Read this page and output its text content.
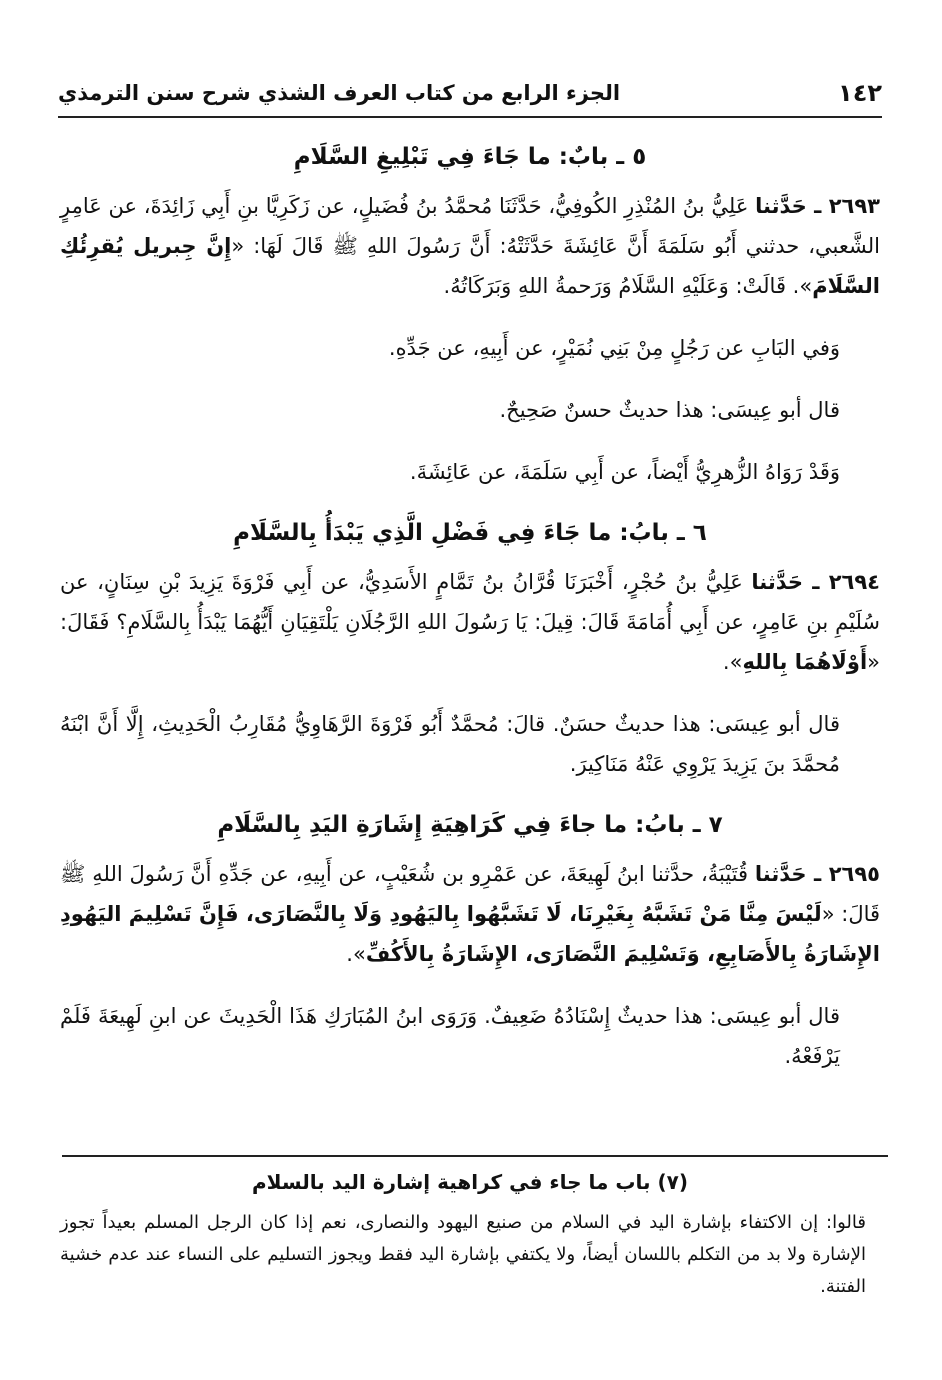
١٤٢
الجزء الرابع من كتاب العرف الشذي شرح سنن الترمذي
٥ ـ بابٌ: ما جَاءَ فِي تَبْلِيغِ السَّلَامِ

٢٦٩٣ ـ حَدَّثنا عَلِيُّ بنُ المُنْذِرِ الكُوفِيُّ، حَدَّثَنَا مُحمَّدُ بنُ فُضَيلٍ، عن زَكَرِيَّا بنِ أَبِي زَائِدَةَ، عن عَامِرٍ الشَّعبي، حدثني أَبُو سَلَمَةَ أَنَّ عَائِشَةَ حَدَّثَتْهُ: أَنَّ رَسُولَ اللهِ ﷺ قَالَ لَهَا: «إِنَّ جِبريل يُقرِئُكِ السَّلَامَ». قَالَتْ: وَعَلَيْهِ السَّلَامُ وَرَحمةُ اللهِ وَبَرَكَاتُهُ.

وَفي البَابِ عن رَجُلٍ مِنْ بَنِي نُمَيْرٍ، عن أَبِيهِ، عن جَدِّهِ.

قال أبو عِيسَى: هذا حديثٌ حسنٌ صَحِيحٌ.

وَقَدْ رَوَاهُ الزُّهرِيُّ أَيْضاً، عن أَبِي سَلَمَةَ، عن عَائِشَةَ.

٦ ـ بابُ: ما جَاءَ فِي فَضْلِ الَّذِي يَبْدَأُ بِالسَّلَامِ

٢٦٩٤ ـ حَدَّثنا عَلِيُّ بنُ حُجْرٍ، أَخْبَرَنَا قُرَّانُ بنُ تَمَّامٍ الأَسَدِيُّ، عن أَبِي فَرْوَةَ يَزِيدَ بْنِ سِنَانٍ، عن سُلَيْمِ بنِ عَامِرٍ، عن أَبِي أُمَامَةَ قَالَ: قِيلَ: يَا رَسُولَ اللهِ الرَّجُلَانِ يَلْتَقِيَانِ أَيُّهُمَا يَبْدَأُ بِالسَّلَامِ؟ فَقَالَ: «أَوْلَاهُمَا بِاللهِ».

قال أبو عِيسَى: هذا حديثٌ حسَنٌ. قالَ: مُحمَّدٌ أَبُو فَرْوَةَ الرَّهَاوِيُّ مُقَارِبُ الْحَدِيثِ، إِلَّا أَنَّ ابْنَهُ مُحمَّدَ بنَ يَزِيدَ يَرْوِي عَنْهُ مَنَاكِيرَ.

٧ ـ بابُ: ما جاءَ فِي كَرَاهِيَةِ إِشَارَةِ اليَدِ بِالسَّلَامِ

٢٦٩٥ ـ حَدَّثنا قُتَيْبَةُ، حدَّثنا ابنُ لَهِيعَةَ، عن عَمْرِو بن شُعَيْبٍ، عن أَبِيهِ، عن جَدِّهِ أَنَّ رَسُولَ اللهِ ﷺ قَالَ: «لَيْسَ مِنَّا مَنْ تَشَبَّهُ بِغَيْرِنَا، لَا تَشَبَّهُوا بِاليَهُودِ وَلَا بِالنَّصَارَى، فَإِنَّ تَسْلِيمَ اليَهُودِ الإِشَارَةُ بِالأَصَابِعِ، وَتَسْلِيمَ النَّصَارَى، الإِشَارَةُ بِالأَكُفِّ».

قال أبو عِيسَى: هذا حديثٌ إِسْنَادُهُ ضَعِيفٌ. وَرَوَى ابنُ المُبَارَكِ هَذَا الْحَدِيثَ عن ابنِ لَهِيعَةَ فَلَمْ يَرْفَعْهُ.

(٧) باب ما جاء في كراهية إشارة اليد بالسلام

قالوا: إن الاكتفاء بإشارة اليد في السلام من صنيع اليهود والنصارى، نعم إذا كان الرجل المسلم بعيداً تجوز الإشارة ولا بد من التكلم باللسان أيضاً، ولا يكتفي بإشارة اليد فقط ويجوز التسليم على النساء عند عدم خشية الفتنة.
